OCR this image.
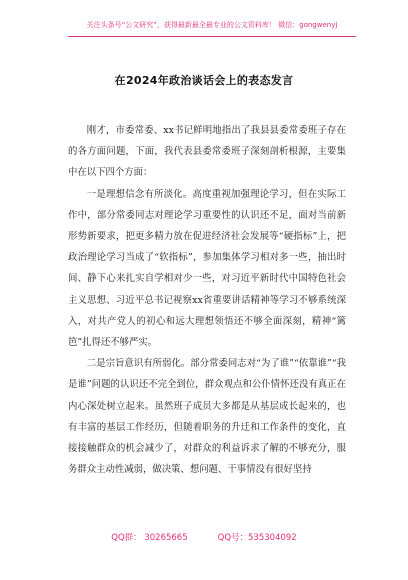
关注头条号“公文研究”，获得最新最全最专业的公文资料库！ 微信：gongwenyj
在2024年政治谈话会上的表态发言

刚才，市委常委、xx书记鲜明地指出了我县县委常委班子存在的各方面问题，下面，我代表县委常委班子深刻剖析根源，主要集中在以下四个方面：

一是理想信念有所淡化。高度重视加强理论学习，但在实际工作中，部分常委同志对理论学习重要性的认识还不足，面对当前新形势新要求，把更多精力放在促进经济社会发展等“硬指标”上，把政治理论学习当成了“软指标”，参加集体学习相对多一些，抽出时间、静下心来扎实自学相对少一些，对习近平新时代中国特色社会主义思想、习近平总书记视察xx省重要讲话精神等学习不够系统深入，对共产党人的初心和远大理想领悟还不够全面深刻，精神“篱笆”扎得还不够严实。

二是宗旨意识有所弱化。部分常委同志对“为了谁”“依靠谁”“我是谁”问题的认识还不完全到位，群众观点和公仆情怀还没有真正在内心深处树立起来。虽然班子成员大多都是从基层成长起来的，也有丰富的基层工作经历，但随着职务的升迁和工作条件的变化，直接接触群众的机会减少了，对群众的利益诉求了解的不够充分，服务群众主动性减弱，做决策、想问题、干事情没有很好坚持

QQ群： 30265665	QQ号：535304092
